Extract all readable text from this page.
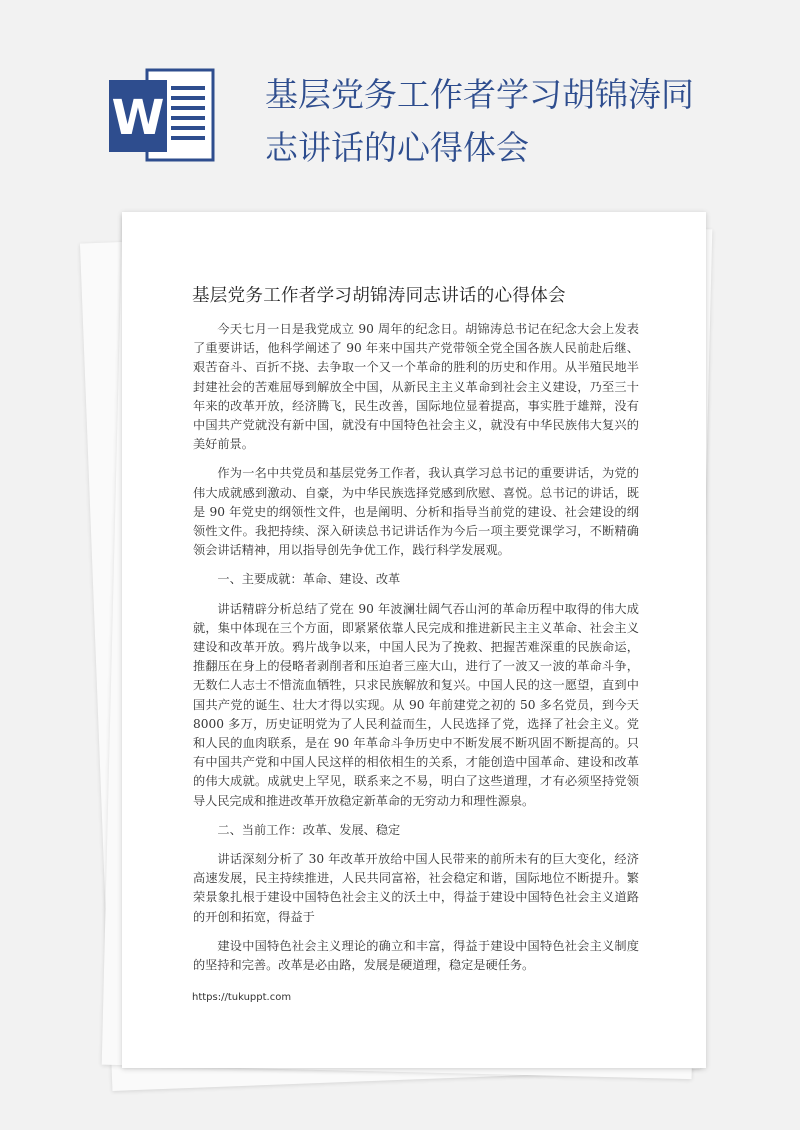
W	基层党务工作者学习胡锦涛同志讲话的心得体会
基层党务工作者学习胡锦涛同志讲话的心得体会

今天七月一日是我党成立 90 周年的纪念日。胡锦涛总书记在纪念大会上发表了重要讲话，他科学阐述了 90 年来中国共产党带领全党全国各族人民前赴后继、艰苦奋斗、百折不挠、去争取一个又一个革命的胜利的历史和作用。从半殖民地半封建社会的苦难屈辱到解放全中国，从新民主主义革命到社会主义建设，乃至三十年来的改革开放，经济腾飞，民生改善，国际地位显着提高，事实胜于雄辩，没有中国共产党就没有新中国，就没有中国特色社会主义，就没有中华民族伟大复兴的美好前景。

作为一名中共党员和基层党务工作者，我认真学习总书记的重要讲话，为党的伟大成就感到激动、自豪，为中华民族选择党感到欣慰、喜悦。总书记的讲话，既是 90 年党史的纲领性文件，也是阐明、分析和指导当前党的建设、社会建设的纲领性文件。我把持续、深入研读总书记讲话作为今后一项主要党课学习，不断精确领会讲话精神，用以指导创先争优工作，践行科学发展观。

一、主要成就：革命、建设、改革

讲话精辟分析总结了党在 90 年波澜壮阔气吞山河的革命历程中取得的伟大成就，集中体现在三个方面，即紧紧依靠人民完成和推进新民主主义革命、社会主义建设和改革开放。鸦片战争以来，中国人民为了挽救、把握苦难深重的民族命运，推翻压在身上的侵略者剥削者和压迫者三座大山，进行了一波又一波的革命斗争，无数仁人志士不惜流血牺牲，只求民族解放和复兴。中国人民的这一愿望，直到中国共产党的诞生、壮大才得以实现。从 90 年前建党之初的 50 多名党员，到今天 8000 多万，历史证明党为了人民利益而生，人民选择了党，选择了社会主义。党和人民的血肉联系，是在 90 年革命斗争历史中不断发展不断巩固不断提高的。只有中国共产党和中国人民这样的相依相生的关系，才能创造中国革命、建设和改革的伟大成就。成就史上罕见，联系来之不易，明白了这些道理，才有必须坚持党领导人民完成和推进改革开放稳定新革命的无穷动力和理性源泉。

二、当前工作：改革、发展、稳定

讲话深刻分析了 30 年改革开放给中国人民带来的前所未有的巨大变化，经济高速发展，民主持续推进，人民共同富裕，社会稳定和谐，国际地位不断提升。繁荣景象扎根于建设中国特色社会主义的沃土中，得益于建设中国特色社会主义道路的开创和拓宽，得益于

建设中国特色社会主义理论的确立和丰富，得益于建设中国特色社会主义制度的坚持和完善。改革是必由路，发展是硬道理，稳定是硬任务。

https://tukuppt.com
